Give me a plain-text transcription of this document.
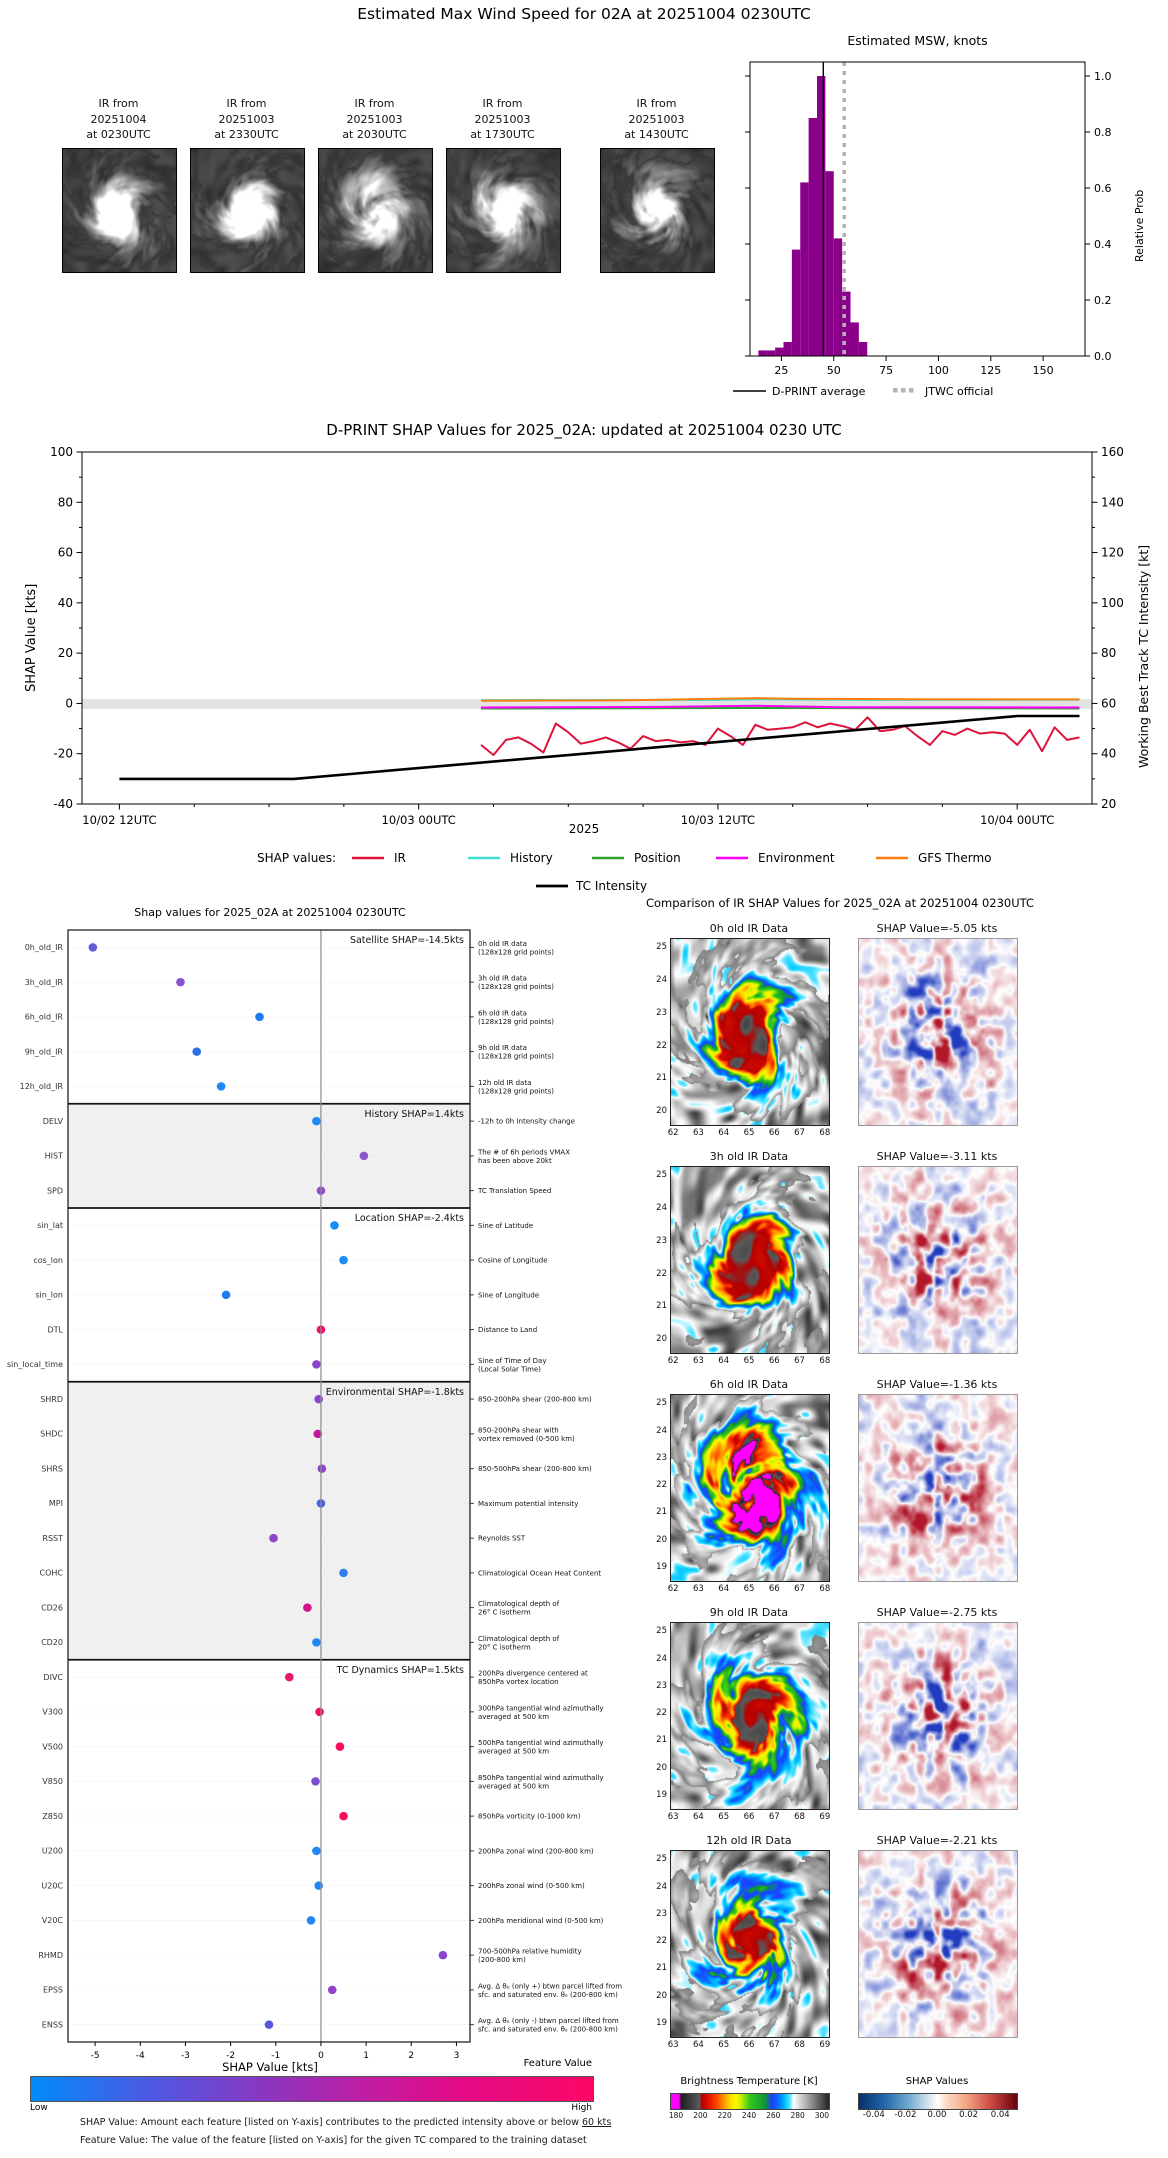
25	50	75	100	125	150
0.0
0.2
0.4
0.6
0.8
1.0
D-PRINT average	JTWC official
10/02 12UTC	10/03 00UTC	10/03 12UTC	10/04 00UTC
-40
-20
0
20
40
60
80
100
20
40
60
80
100
120
140
160
SHAP values:	IR	History	Position	Environment	GFS Thermo
TC Intensity
0h_old_IR	0h old IR data
(128x128 grid points)
3h_old_IR	3h old IR data
(128x128 grid points)
6h_old_IR	6h old IR data
(128x128 grid points)
9h_old_IR	9h old IR data
(128x128 grid points)
12h_old_IR	12h old IR data
(128x128 grid points)
Satellite SHAP=-14.5kts
DELV	-12h to 0h Intensity change
HIST	The # of 6h periods VMAX
has been above 20kt
SPD	TC Translation Speed
History SHAP=1.4kts
sin_lat	Sine of Latitude
cos_lon	Cosine of Longitude
sin_lon	Sine of Longitude
DTL	Distance to Land
sin_local_time	Sine of Time of Day
(Local Solar Time)
Location SHAP=-2.4kts
SHRD	850-200hPa shear (200-800 km)
SHDC	850-200hPa shear with
vortex removed (0-500 km)
SHRS	850-500hPa shear (200-800 km)
MPI	Maximum potential intensity
RSST	Reynolds SST
COHC	Climatological Ocean Heat Content
CD26	Climatological depth of
26° C isotherm
CD20	Climatological depth of
20° C isotherm
Environmental SHAP=-1.8kts
DIVC	200hPa divergence centered at
850hPa vortex location
V300	300hPa tangential wind azimuthally
averaged at 500 km
V500	500hPa tangential wind azimuthally
averaged at 500 km
V850	850hPa tangential wind azimuthally
averaged at 500 km
Z850	850hPa vorticity (0-1000 km)
U200	200hPa zonal wind (200-800 km)
U20C	200hPa zonal wind (0-500 km)
V20C	200hPa meridional wind (0-500 km)
RHMD	700-500hPa relative humidity
(200-800 km)
EPSS	Avg. Δ θₑ (only +) btwn parcel lifted from
sfc. and saturated env. θₑ (200-800 km)
ENSS	Avg. Δ θₑ (only -) btwn parcel lifted from
sfc. and saturated env. θₑ (200-800 km)
TC Dynamics SHAP=1.5kts
-5	-4	-3	-2	-1	0	1	2	3
Estimated Max Wind Speed for 02A at 20251004 0230UTC
IR from
20251004
at 0230UTC
IR from
20251003
at 2330UTC
IR from
20251003
at 2030UTC
IR from
20251003
at 1730UTC
IR from
20251003
at 1430UTC
Estimated MSW, knots
Relative Prob
D-PRINT SHAP Values for 2025_02A: updated at 20251004 0230 UTC
SHAP Value [kts]	Working Best Track TC Intensity [kt]
2025
Shap values for 2025_02A at 20251004 0230UTC
SHAP Value [kts]	Feature Value
Low	High
SHAP Value: Amount each feature [listed on Y-axis] contributes to the predicted intensity above or below 60 kts
Feature Value: The value of the feature [listed on Y-axis] for the given TC compared to the training dataset
Comparison of IR SHAP Values for 2025_02A at 20251004 0230UTC
Brightness Temperature [K]	SHAP Values
0h old IR Data	SHAP Value=-5.05 kts
25
24
23
22
21
20
62	63	64	65	66	67	68
3h old IR Data	SHAP Value=-3.11 kts
25
24
23
22
21
20
62	63	64	65	66	67	68
6h old IR Data	SHAP Value=-1.36 kts
25
24
23
22
21
20
19
62	63	64	65	66	67	68
9h old IR Data	SHAP Value=-2.75 kts
25
24
23
22
21
20
19
63	64	65	66	67	68	69
12h old IR Data	SHAP Value=-2.21 kts
25
24
23
22
21
20
19
63	64	65	66	67	68	69
180	200	220	240	260	280	300	-0.04	-0.02	0.00	0.02	0.04
